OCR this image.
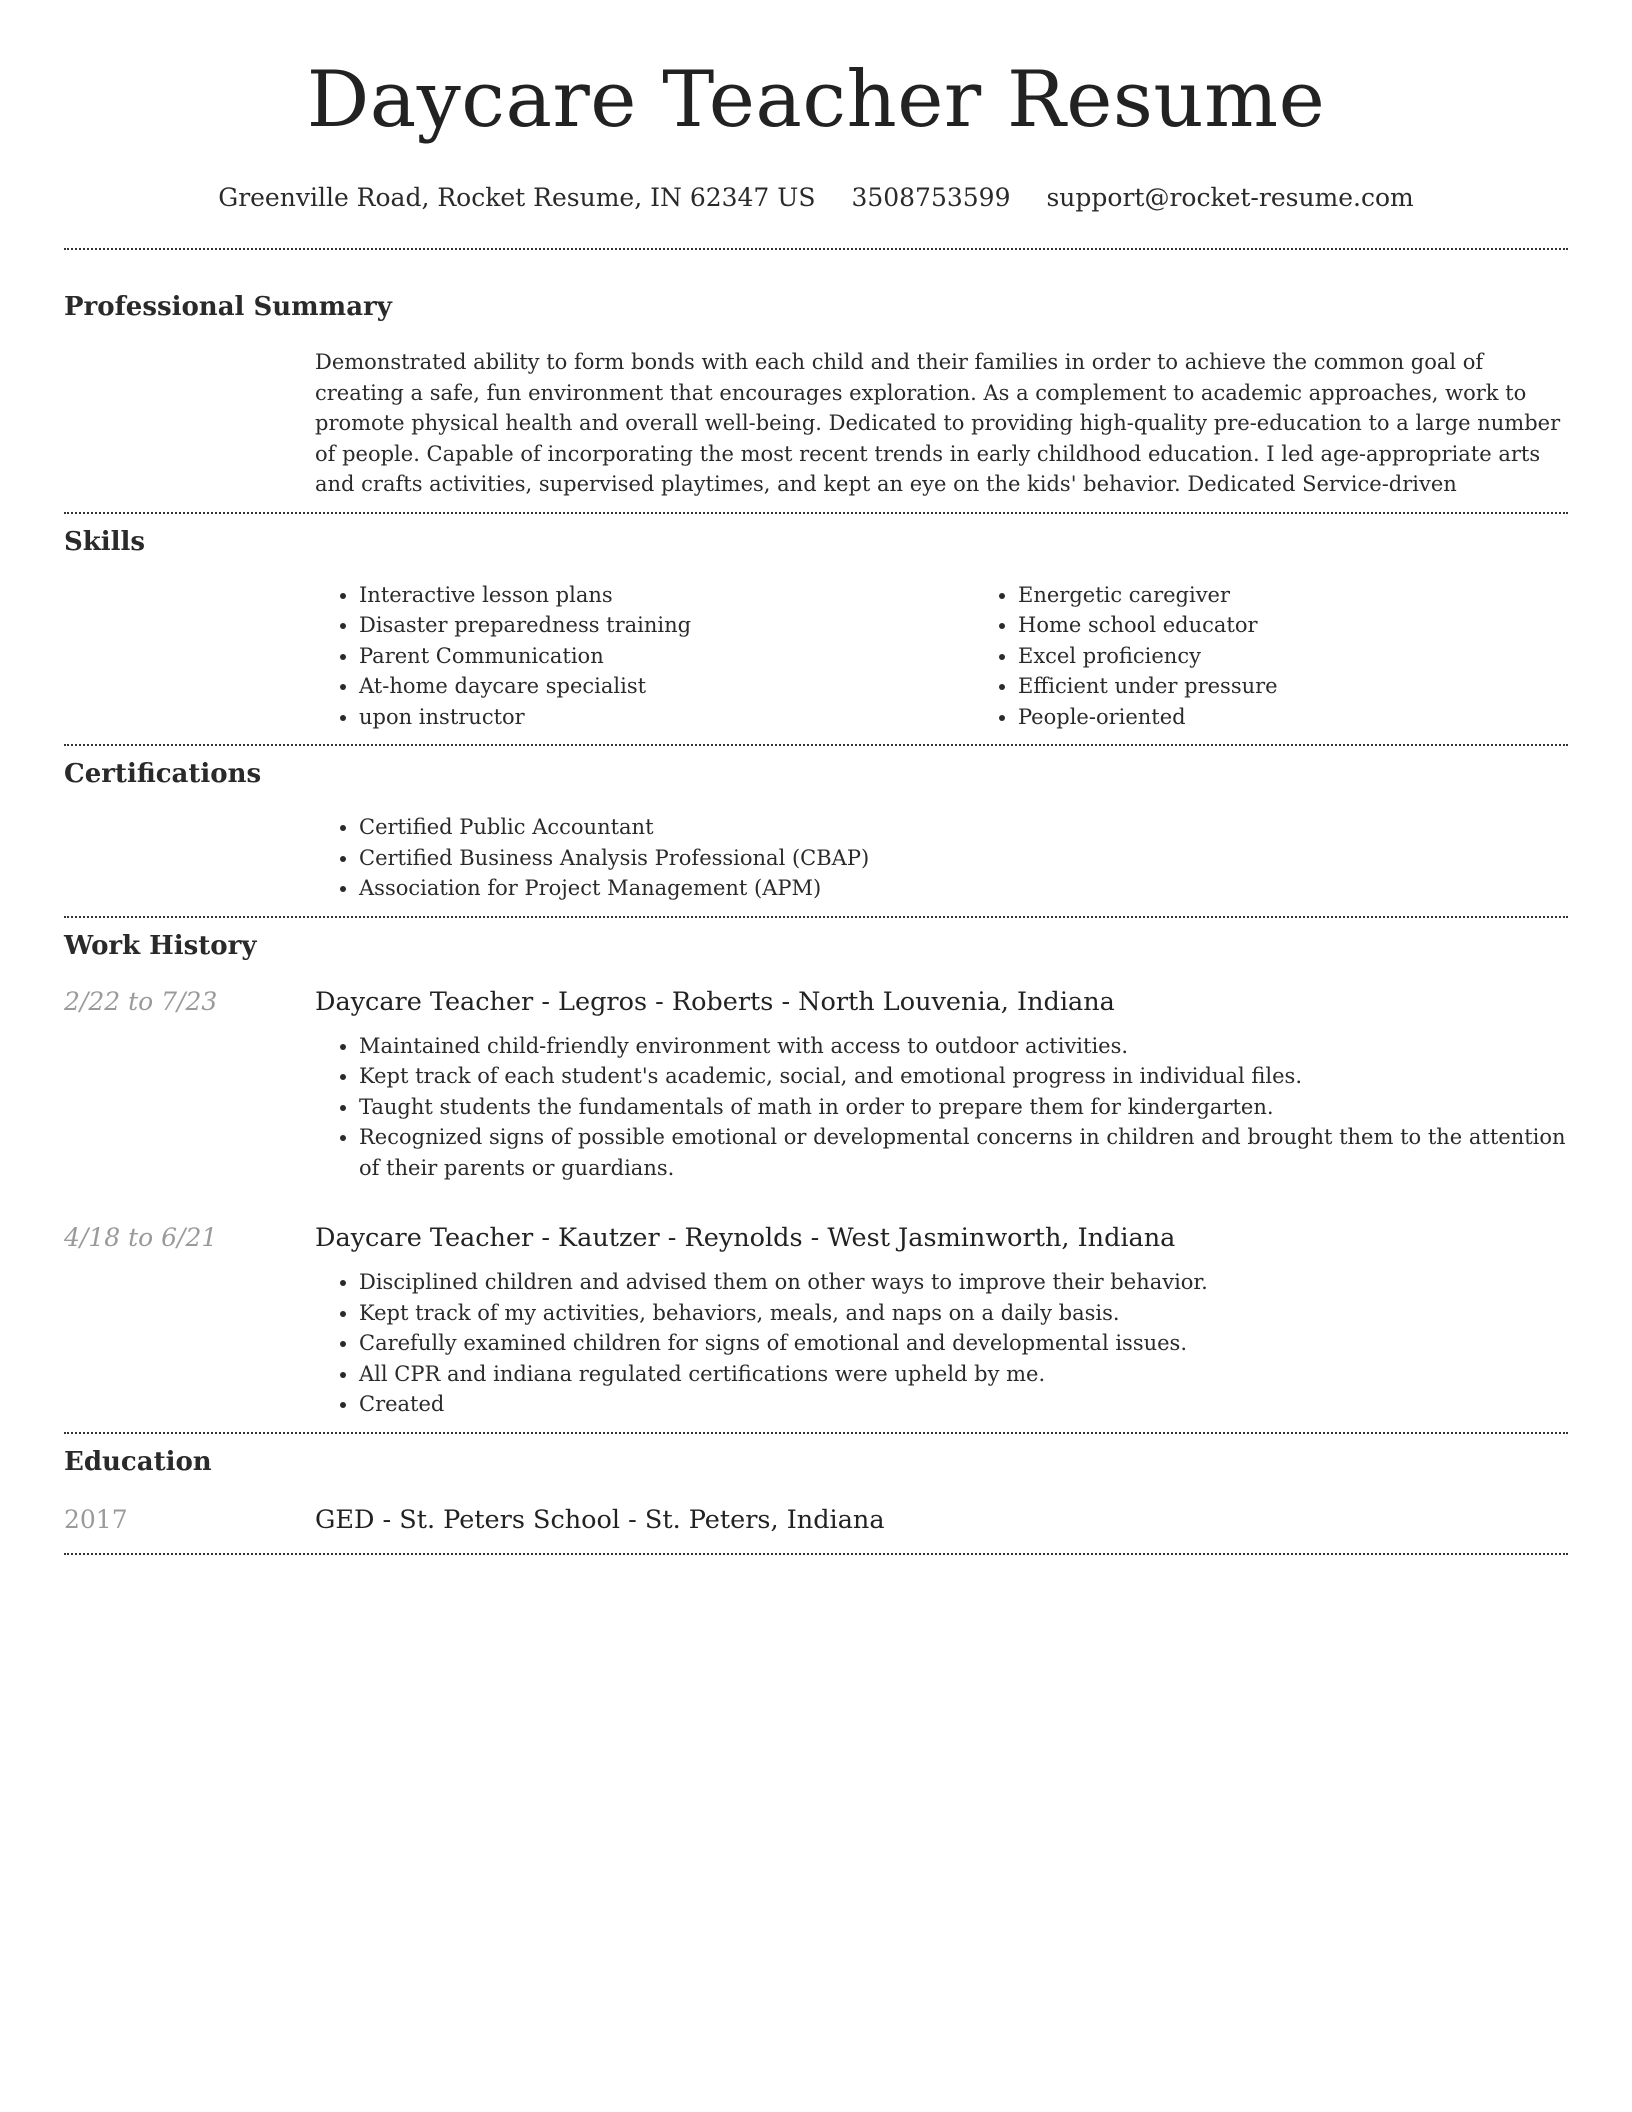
Daycare Teacher Resume
Greenville Road, Rocket Resume, IN 62347 US 3508753599 support@rocket-resume.com
Professional Summary

Demonstrated ability to form bonds with each child and their families in order to achieve the common goal of creating a safe, fun environment that encourages exploration. As a complement to academic approaches, work to promote physical health and overall well-being. Dedicated to providing high-quality pre-education to a large number of people. Capable of incorporating the most recent trends in early childhood education. I led age-appropriate arts and crafts activities, supervised playtimes, and kept an eye on the kids' behavior. Dedicated Service-driven

Skills
• Interactive lesson plans
• Disaster preparedness training
• Parent Communication
• At-home daycare specialist
• upon instructor
• Energetic caregiver
• Home school educator
• Excel proficiency
• Efficient under pressure
• People-oriented
Certifications
• Certified Public Accountant
• Certified Business Analysis Professional (CBAP)
• Association for Project Management (APM)
Work History
2/22 to 7/23	Daycare Teacher - Legros - Roberts - North Louvenia, Indiana
• Maintained child-friendly environment with access to outdoor activities.
• Kept track of each student's academic, social, and emotional progress in individual files.
• Taught students the fundamentals of math in order to prepare them for kindergarten.
• Recognized signs of possible emotional or developmental concerns in children and brought them to the attention of their parents or guardians.
4/18 to 6/21	Daycare Teacher - Kautzer - Reynolds - West Jasminworth, Indiana
• Disciplined children and advised them on other ways to improve their behavior.
• Kept track of my activities, behaviors, meals, and naps on a daily basis.
• Carefully examined children for signs of emotional and developmental issues.
• All CPR and indiana regulated certifications were upheld by me.
• Created
Education
2017	GED - St. Peters School - St. Peters, Indiana
